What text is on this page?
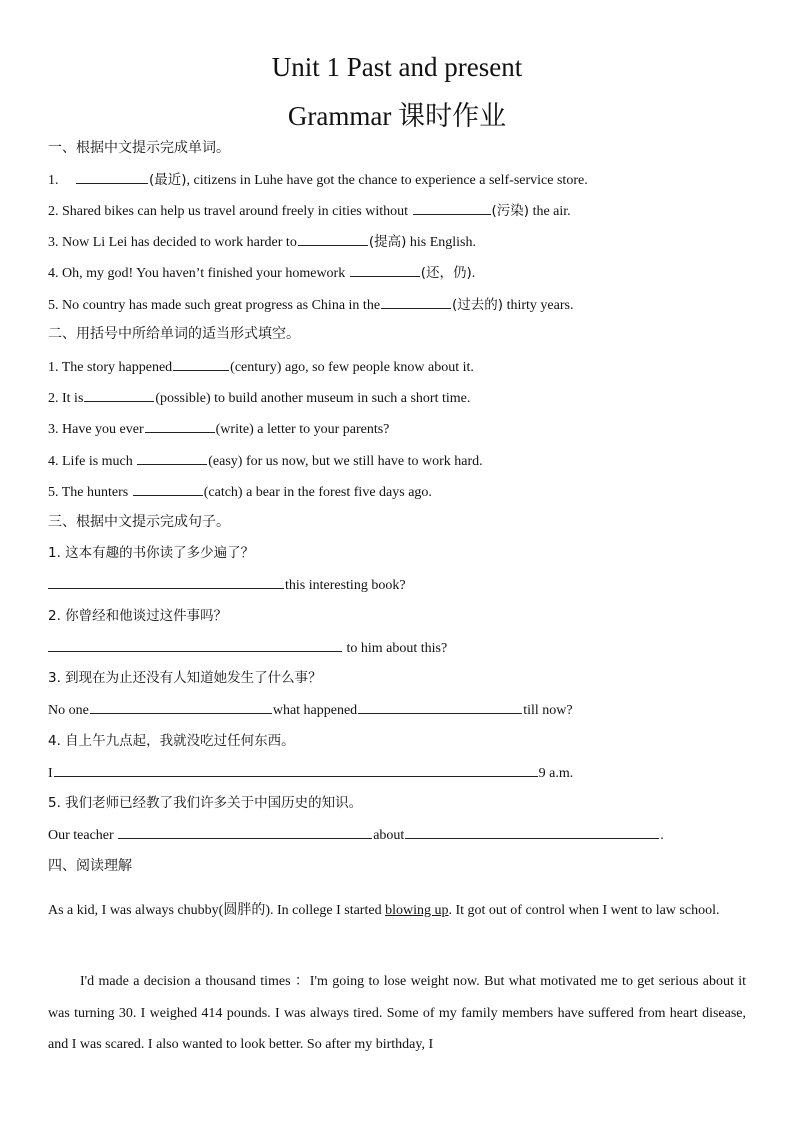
Unit 1 Past and present
Grammar 课时作业
一、根据中文提示完成单词。
1.	(最近), citizens in Luhe have got the chance to experience a self-service store.
2. Shared bikes can help us travel around freely in cities without	(污染) the air.
3. Now Li Lei has decided to work harder to	(提高) his English.
4. Oh, my god! You haven’t finished your homework	(还，仍).
5. No country has made such great progress as China in the	(过去的) thirty years.
二、用括号中所给单词的适当形式填空。
1. The story happened	(century) ago, so few people know about it.
2. It is	(possible) to build another museum in such a short time.
3. Have you ever	(write) a letter to your parents?
4. Life is much	(easy) for us now, but we still have to work hard.
5. The hunters	(catch) a bear in the forest five days ago.
三、根据中文提示完成句子。
1. 这本有趣的书你读了多少遍了？
this interesting book?
2. 你曾经和他谈过这件事吗？
to him about this?
3. 到现在为止还没有人知道她发生了什么事？
No one	what happened	till now?
4. 自上午九点起，我就没吃过任何东西。
I	9 a.m.
5. 我们老师已经教了我们许多关于中国历史的知识。
Our teacher	about	.
四、阅读理解
As a kid, I was always chubby(圆胖的). In college I started blowing up. It got out of control when I went to law school.
I'd made a decision a thousand times ：I'm going to lose weight now. But what motivated me to get serious about it was turning 30. I weighed 414 pounds. I was always tired. Some of my family members have suffered from heart disease, and I was scared. I also wanted to look better. So after my birthday, I
